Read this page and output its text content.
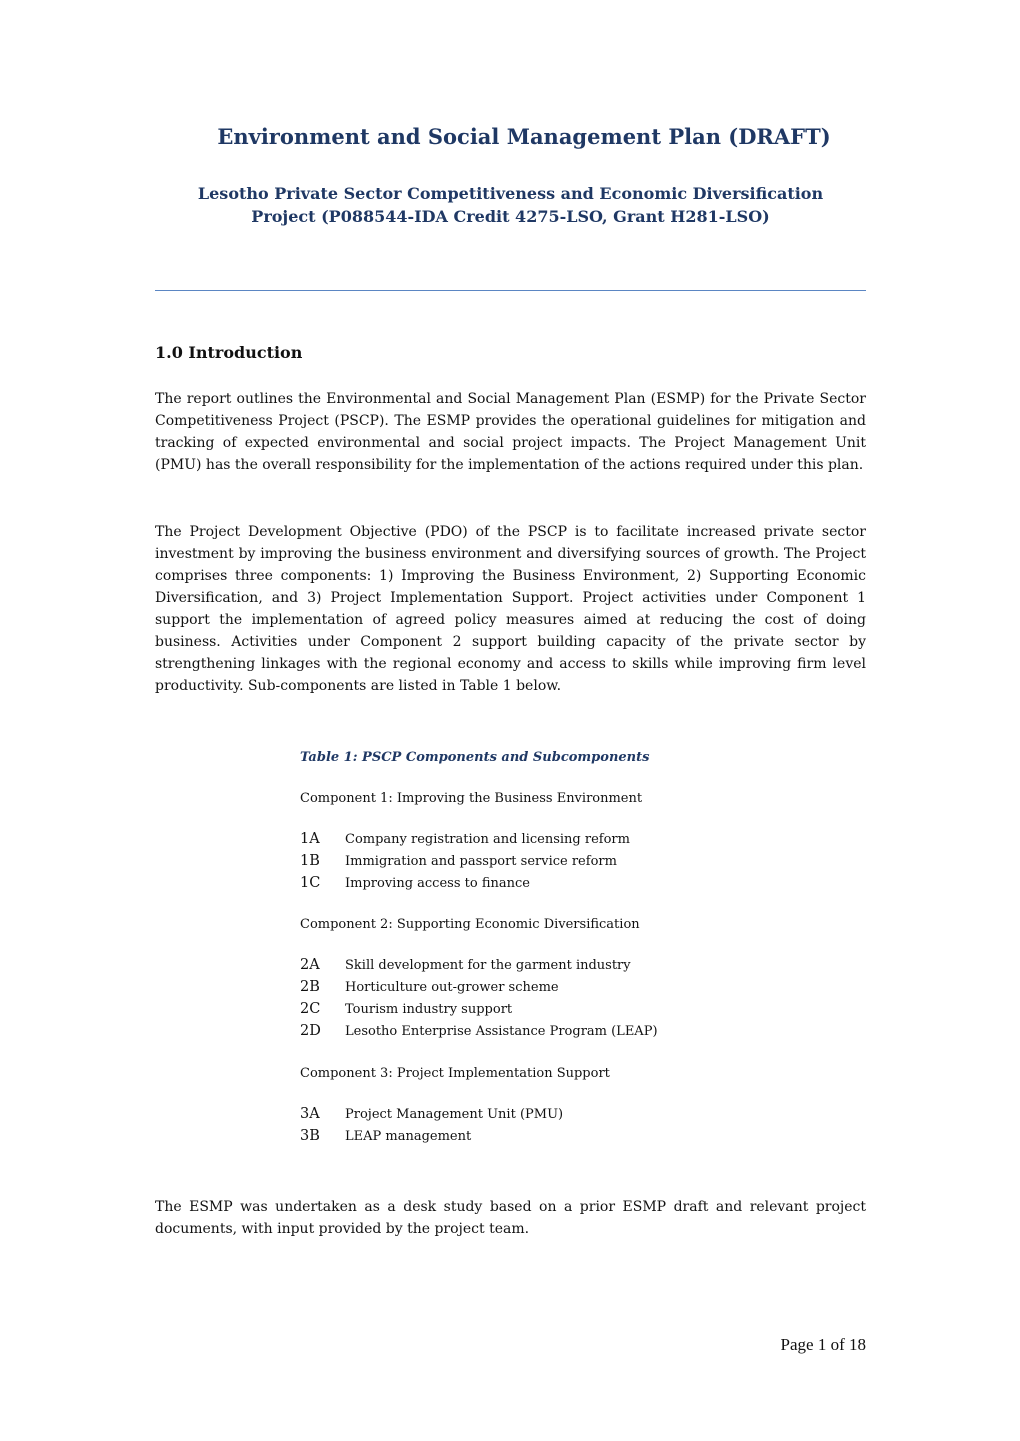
Environment and Social Management Plan (DRAFT)
Lesotho Private Sector Competitiveness and Economic Diversification
Project (P088544-IDA Credit 4275-LSO, Grant H281-LSO)
1.0 Introduction

The report outlines the Environmental and Social Management Plan (ESMP) for the Private Sector Competitiveness Project (PSCP). The ESMP provides the operational guidelines for mitigation and tracking of expected environmental and social project impacts. The Project Management Unit (PMU) has the overall responsibility for the implementation of the actions required under this plan.

The Project Development Objective (PDO) of the PSCP is to facilitate increased private sector investment by improving the business environment and diversifying sources of growth. The Project comprises three components: 1) Improving the Business Environment, 2) Supporting Economic Diversification, and 3) Project Implementation Support. Project activities under Component 1 support the implementation of agreed policy measures aimed at reducing the cost of doing business. Activities under Component 2 support building capacity of the private sector by strengthening linkages with the regional economy and access to skills while improving firm level productivity. Sub-components are listed in Table 1 below.

Table 1: PSCP Components and Subcomponents
Component 1: Improving the Business Environment
1A	Company registration and licensing reform
1B	Immigration and passport service reform
1C	Improving access to finance
Component 2: Supporting Economic Diversification
2A	Skill development for the garment industry
2B	Horticulture out-grower scheme
2C	Tourism industry support
2D	Lesotho Enterprise Assistance Program (LEAP)
Component 3: Project Implementation Support
3A	Project Management Unit (PMU)
3B	LEAP management

The ESMP was undertaken as a desk study based on a prior ESMP draft and relevant project documents, with input provided by the project team.

Page 1 of 18
